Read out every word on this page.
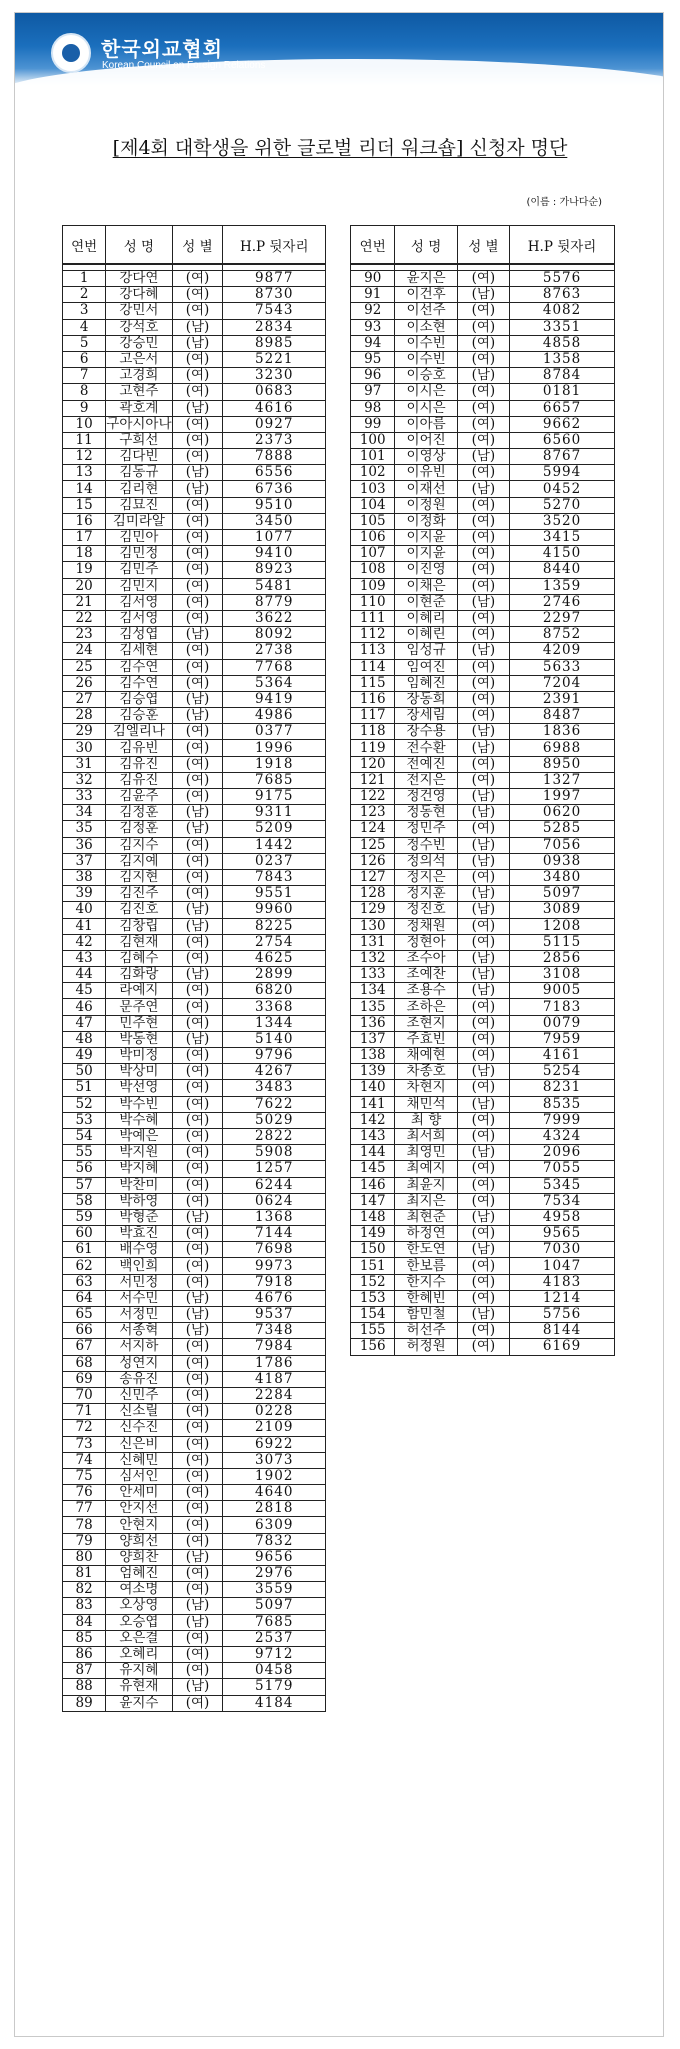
한국외교협회
Korean Council on Foreign Relations
[제4회 대학생을 위한 글로벌 리더 워크숍] 신청자 명단
(이름 : 가나다순)
연번	성 명	성 별	H.P 뒷자리

1	강다연	(여)	9877
2	강다혜	(여)	8730
3	강민서	(여)	7543
4	강석호	(남)	2834
5	강승민	(남)	8985
6	고은서	(여)	5221
7	고경희	(여)	3230
8	고현주	(여)	0683
9	곽호계	(남)	4616
10	구아시아나	(여)	0927
11	구희선	(여)	2373
12	김다빈	(여)	7888
13	김동규	(남)	6556
14	김리현	(남)	6736
15	김묘진	(여)	9510
16	김미라알	(여)	3450
17	김민아	(여)	1077
18	김민정	(여)	9410
19	김민주	(여)	8923
20	김민지	(여)	5481
21	김서영	(여)	8779
22	김서영	(여)	3622
23	김성엽	(남)	8092
24	김세현	(여)	2738
25	김수연	(여)	7768
26	김수연	(여)	5364
27	김승엽	(남)	9419
28	김승훈	(남)	4986
29	김엘리나	(여)	0377
30	김유빈	(여)	1996
31	김유진	(여)	1918
32	김유진	(여)	7685
33	김윤주	(여)	9175
34	김정훈	(남)	9311
35	김정훈	(남)	5209
36	김지수	(여)	1442
37	김지예	(여)	0237
38	김지현	(여)	7843
39	김진주	(여)	9551
40	김진호	(남)	9960
41	김창립	(남)	8225
42	김현재	(여)	2754
43	김혜수	(여)	4625
44	김화랑	(남)	2899
45	라예지	(여)	6820
46	문주연	(여)	3368
47	민주현	(여)	1344
48	박동현	(남)	5140
49	박미정	(여)	9796
50	박상미	(여)	4267
51	박선영	(여)	3483
52	박수빈	(여)	7622
53	박수혜	(여)	5029
54	박예은	(여)	2822
55	박지원	(여)	5908
56	박지혜	(여)	1257
57	박찬미	(여)	6244
58	박하영	(여)	0624
59	박형준	(남)	1368
60	박효진	(여)	7144
61	배수영	(여)	7698
62	백인희	(여)	9973
63	서민정	(여)	7918
64	서수민	(남)	4676
65	서정민	(남)	9537
66	서종혁	(남)	7348
67	서지하	(여)	7984
68	성연지	(여)	1786
69	송유진	(여)	4187
70	신민주	(여)	2284
71	신소릴	(여)	0228
72	신수진	(여)	2109
73	신은비	(여)	6922
74	신혜민	(여)	3073
75	심서인	(여)	1902
76	안세미	(여)	4640
77	안지선	(여)	2818
78	안현지	(여)	6309
79	양희선	(여)	7832
80	양희찬	(남)	9656
81	엄혜진	(여)	2976
82	여소명	(여)	3559
83	오상영	(남)	5097
84	오승엽	(남)	7685
85	오은결	(여)	2537
86	오혜리	(여)	9712
87	유지혜	(여)	0458
88	유현재	(남)	5179
89	윤지수	(여)	4184
연번	성 명	성 별	H.P 뒷자리

90	윤지은	(여)	5576
91	이건후	(남)	8763
92	이선주	(여)	4082
93	이소현	(여)	3351
94	이수빈	(여)	4858
95	이수빈	(여)	1358
96	이승호	(남)	8784
97	이시은	(여)	0181
98	이시은	(여)	6657
99	이아름	(여)	9662
100	이어진	(여)	6560
101	이영상	(남)	8767
102	이유빈	(여)	5994
103	이재선	(남)	0452
104	이정원	(여)	5270
105	이정화	(여)	3520
106	이지윤	(여)	3415
107	이지윤	(여)	4150
108	이진영	(여)	8440
109	이채은	(여)	1359
110	이현준	(남)	2746
111	이혜리	(여)	2297
112	이혜린	(여)	8752
113	임성규	(남)	4209
114	임여진	(여)	5633
115	임혜진	(여)	7204
116	장동희	(여)	2391
117	장세림	(여)	8487
118	장수용	(남)	1836
119	전수환	(남)	6988
120	전예진	(여)	8950
121	전지은	(여)	1327
122	정건영	(남)	1997
123	정동현	(남)	0620
124	정민주	(여)	5285
125	정수빈	(남)	7056
126	정의석	(남)	0938
127	정지은	(여)	3480
128	정지훈	(남)	5097
129	정진호	(남)	3089
130	정채원	(여)	1208
131	정현아	(여)	5115
132	조수아	(남)	2856
133	조예찬	(남)	3108
134	조용수	(남)	9005
135	조하은	(여)	7183
136	조현지	(여)	0079
137	주효빈	(여)	7959
138	채예현	(여)	4161
139	차종호	(남)	5254
140	차현지	(여)	8231
141	채민석	(남)	8535
142	최 향	(여)	7999
143	최서희	(여)	4324
144	최영민	(남)	2096
145	최예지	(여)	7055
146	최윤지	(여)	5345
147	최지은	(여)	7534
148	최현준	(남)	4958
149	하정연	(여)	9565
150	한도연	(남)	7030
151	한보름	(여)	1047
152	한지수	(여)	4183
153	한혜빈	(여)	1214
154	함민철	(남)	5756
155	허선주	(여)	8144
156	허정원	(여)	6169
